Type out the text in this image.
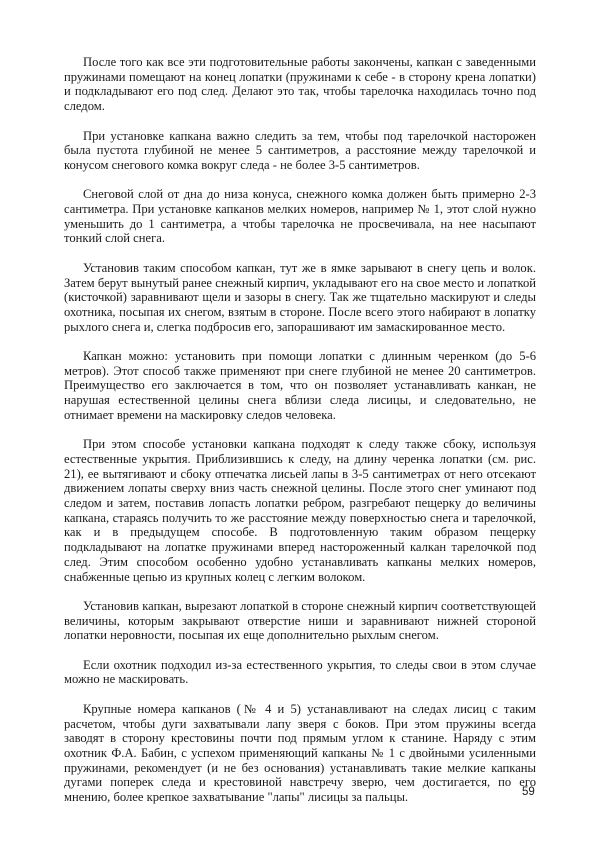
После того как все эти подготовительные работы закончены, капкан с заведенными пружинами помещают на конец лопатки (пружинами к себе - в сторону крена лопатки) и подкладывают его под след. Делают это так, чтобы тарелочка находилась точно под следом.

При установке капкана важно следить за тем, чтобы под тарелочкой насторожен была пустота глубиной не менее 5 сантиметров, а расстояние между тарелочкой и конусом снегового комка вокруг следа - не более 3-5 сантиметров.

Снеговой слой от дна до низа конуса, снежного комка должен быть примерно 2-3 сантиметра. При установке капканов мелких номеров, например № 1, этот слой нужно уменьшить до 1 сантиметра, а чтобы тарелочка не просвечивала, на нее насыпают тонкий слой снега.

Установив таким способом капкан, тут же в ямке зарывают в снегу цепь и волок. Затем берут вынутый ранее снежный кирпич, укладывают его на свое место и лопаткой (кисточкой) заравнивают щели и зазоры в снегу. Так же тщательно маскируют и следы охотника, посыпая их снегом, взятым в стороне. После всего этого набирают в лопатку рыхлого снега и, слегка подбросив его, запорашивают им замаскированное место.

Капкан можно: установить при помощи лопатки с длинным черенком (до 5-6 метров). Этот способ также применяют при снеге глубиной не менее 20 сантиметров. Преимущество его заключается в том, что он позволяет устанавливать канкан, не нарушая естественной целины снега вблизи следа лисицы, и следовательно, не отнимает времени на маскировку следов человека.

При этом способе установки капкана подходят к следу также сбоку, используя естественные укрытия. Приблизившись к следу, на длину черенка лопатки (см. рис. 21), ее вытягивают и сбоку отпечатка лисьей лапы в 3-5 сантиметрах от него отсекают движением лопаты сверху вниз часть снежной целины. После этого снег уминают под следом и затем, поставив лопасть лопатки ребром, разгребают пещерку до величины капкана, стараясь получить то же расстояние между поверхностью снега и тарелочкой, как и в предыдущем способе. В подготовленную таким образом пещерку подкладывают на лопатке пружинами вперед настороженный калкан тарелочкой под след. Этим способом особенно удобно устанавливать капканы мелких номеров, снабженные цепью из крупных колец с легким волоком.

Установив капкан, вырезают лопаткой в стороне снежный кирпич соответствующей величины, которым закрывают отверстие ниши и заравнивают нижней стороной лопатки неровности, посыпая их еще дополнительно рыхлым снегом.

Если охотник подходил из-за естественного укрытия, то следы свои в этом случае можно не маскировать.

Крупные номера капканов (№ 4 и 5) устанавливают на следах лисиц с таким расчетом, чтобы дуги захватывали лапу зверя с боков. При этом пружины всегда заводят в сторону крестовины почти под прямым углом к станине. Наряду с этим охотник Ф.А. Бабин, с успехом применяющий капканы № 1 с двойными усиленными пружинами, рекомендует (и не без основания) устанавливать такие мелкие капканы дугами поперек следа и крестовиной навстречу зверю, чем достигается, по его мнению, более крепкое захватывание "лапы" лисицы за пальцы.	59
